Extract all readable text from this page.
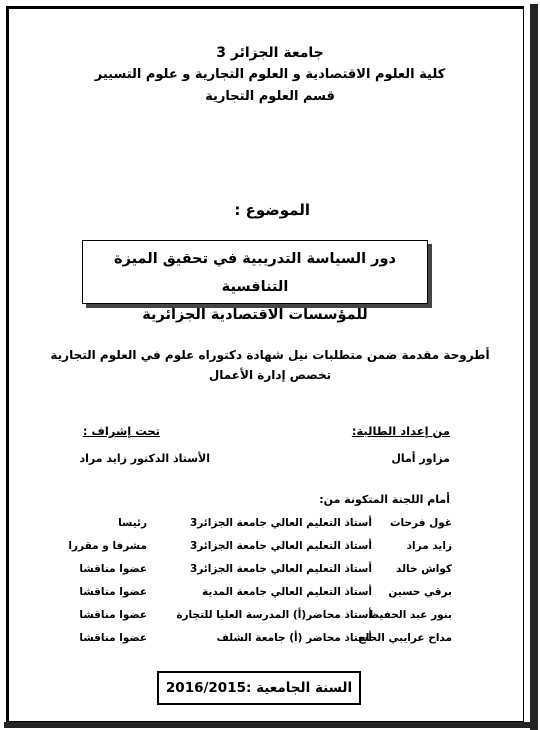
جامعة الجزائر 3
كلية العلوم الاقتصادية و العلوم التجارية و علوم التسيير
قسم العلوم التجارية
الموضوع :
دور السياسة التدريبية في تحقيق الميزة التنافسية
للمؤسسات الاقتصادية الجزائرية
أطروحة مقدمة ضمن متطلبات نيل شهادة دكتوراه علوم في العلوم التجارية
تخصص إدارة الأعمال
من إعداد الطالبة:
تحت إشراف :
مزاور أمال
الأستاذ الدكتور زايد مراد
أمام اللجنة المتكونة من:
غول فرحات
أستاذ التعليم العالي جامعة الجزائر3
رئيسا
زايد مراد
أستاذ التعليم العالي جامعة الجزائر3
مشرفا و مقررا
كواش خالد
أستاذ التعليم العالي جامعة الجزائر3
عضوا مناقشا
برقي حسين
أستاذ التعليم العالي جامعة المدية
عضوا مناقشا
بنور عبد الحفيظ
أستاذ محاضر(أ) المدرسة العليا للتجارة
عضوا مناقشا
مداح عرايبي الحاج
أستاذ محاضر (أ) جامعة الشلف
عضوا مناقشا
السنة الجامعية :2016/2015
